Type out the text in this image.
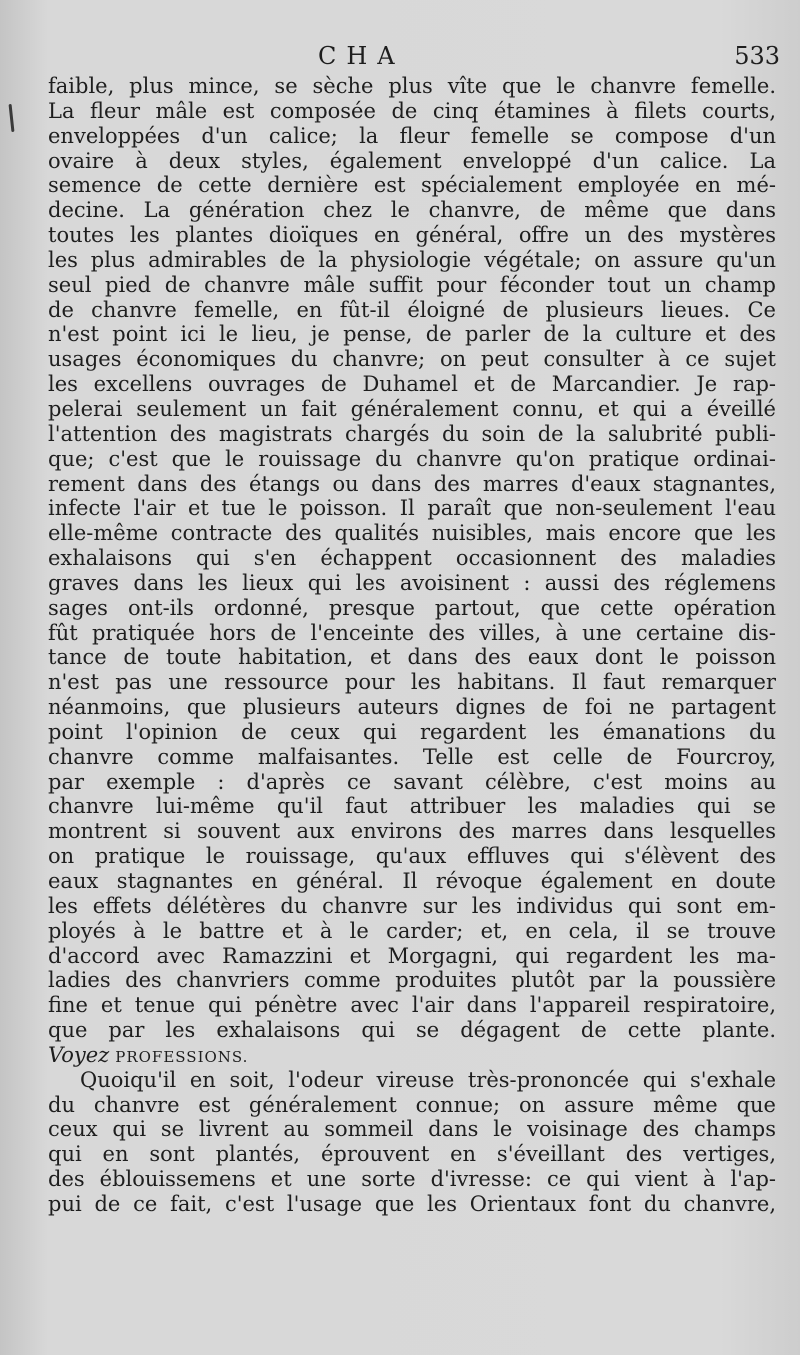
CHA	533
faible, plus mince, se sèche plus vîte que le chanvre femelle.
La fleur mâle est composée de cinq étamines à filets courts,
enveloppées d'un calice; la fleur femelle se compose d'un
ovaire à deux styles, également enveloppé d'un calice. La
semence de cette dernière est spécialement employée en mé-
decine. La génération chez le chanvre, de même que dans
toutes les plantes dioïques en général, offre un des mystères
les plus admirables de la physiologie végétale; on assure qu'un
seul pied de chanvre mâle suffit pour féconder tout un champ
de chanvre femelle, en fût-il éloigné de plusieurs lieues. Ce
n'est point ici le lieu, je pense, de parler de la culture et des
usages économiques du chanvre; on peut consulter à ce sujet
les excellens ouvrages de Duhamel et de Marcandier. Je rap-
pelerai seulement un fait généralement connu, et qui a éveillé
l'attention des magistrats chargés du soin de la salubrité publi-
que; c'est que le rouissage du chanvre qu'on pratique ordinai-
rement dans des étangs ou dans des marres d'eaux stagnantes,
infecte l'air et tue le poisson. Il paraît que non-seulement l'eau
elle-même contracte des qualités nuisibles, mais encore que les
exhalaisons qui s'en échappent occasionnent des maladies
graves dans les lieux qui les avoisinent : aussi des réglemens
sages ont-ils ordonné, presque partout, que cette opération
fût pratiquée hors de l'enceinte des villes, à une certaine dis-
tance de toute habitation, et dans des eaux dont le poisson
n'est pas une ressource pour les habitans. Il faut remarquer
néanmoins, que plusieurs auteurs dignes de foi ne partagent
point l'opinion de ceux qui regardent les émanations du
chanvre comme malfaisantes. Telle est celle de Fourcroy,
par exemple : d'après ce savant célèbre, c'est moins au
chanvre lui-même qu'il faut attribuer les maladies qui se
montrent si souvent aux environs des marres dans lesquelles
on pratique le rouissage, qu'aux effluves qui s'élèvent des
eaux stagnantes en général. Il révoque également en doute
les effets délétères du chanvre sur les individus qui sont em-
ployés à le battre et à le carder; et, en cela, il se trouve
d'accord avec Ramazzini et Morgagni, qui regardent les ma-
ladies des chanvriers comme produites plutôt par la poussière
fine et tenue qui pénètre avec l'air dans l'appareil respiratoire,
que par les exhalaisons qui se dégagent de cette plante.
Voyez PROFESSIONS.
Quoiqu'il en soit, l'odeur vireuse très-prononcée qui s'exhale
du chanvre est généralement connue; on assure même que
ceux qui se livrent au sommeil dans le voisinage des champs
qui en sont plantés, éprouvent en s'éveillant des vertiges,
des éblouissemens et une sorte d'ivresse: ce qui vient à l'ap-
pui de ce fait, c'est l'usage que les Orientaux font du chanvre,
